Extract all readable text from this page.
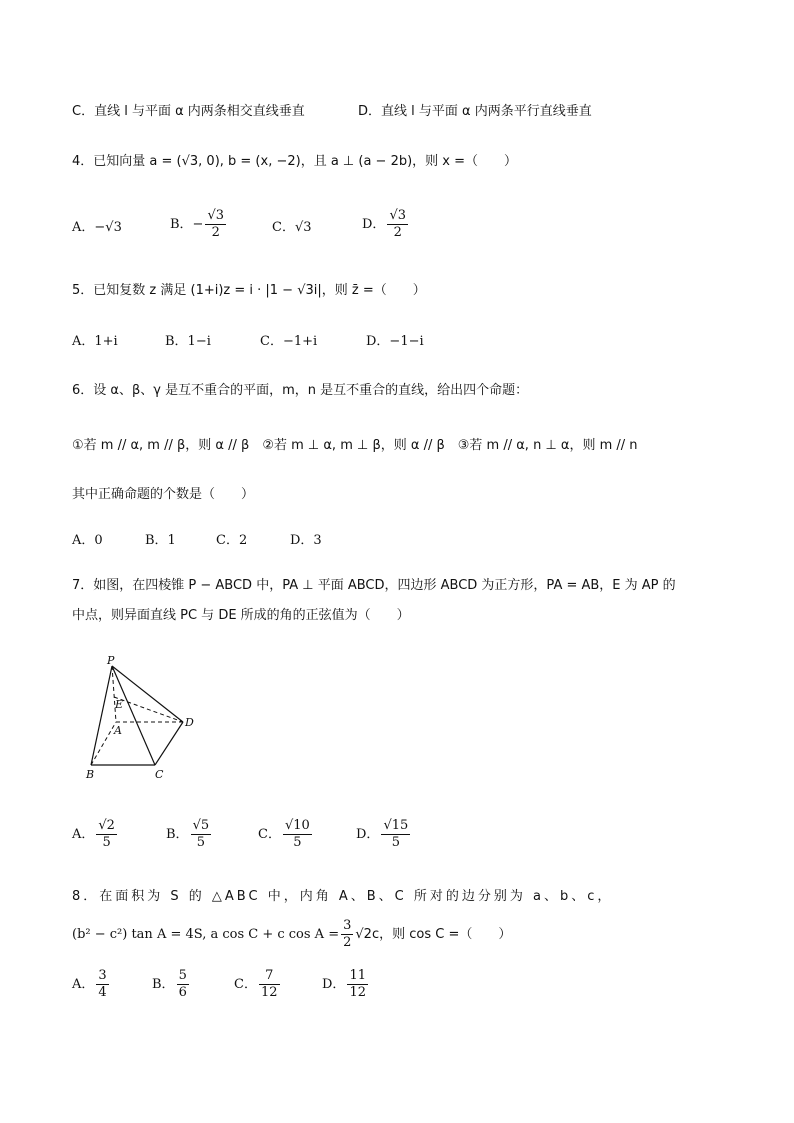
C．直线 l 与平面 α 内两条相交直线垂直	D．直线 l 与平面 α 内两条平行直线垂直
4．已知向量 a = (√3, 0), b = (x, −2)，且 a ⊥ (a − 2b)，则 x =（　　）
A．−√3	B．− $\frac{√3}{2}$	C．√3	D． $\frac{√3}{2}$
5．已知复数 z 满足 (1+i)z = i · |1 − √3i|，则 z̄ =（　　）
A．1+i	B．1−i	C．−1+i	D．−1−i
6．设 α、β、γ 是互不重合的平面，m，n 是互不重合的直线，给出四个命题：
①若 m // α, m // β，则 α // β　②若 m ⊥ α, m ⊥ β，则 α // β　③若 m // α, n ⊥ α，则 m // n
其中正确命题的个数是（　　）
A．0	B．1	C．2	D．3
7．如图，在四棱锥 P − ABCD 中，PA ⊥ 平面 ABCD，四边形 ABCD 为正方形，PA = AB，E 为 AP 的
中点，则异面直线 PC 与 DE 所成的角的正弦值为（　　）
P
E
A
D
B	C
A． $\frac{√2}{5}$	B． $\frac{√5}{5}$	C． $\frac{√10}{5}$	D． $\frac{√15}{5}$
8．在面积为 S 的 △ABC 中，内角 A、B、C 所对的边分别为 a、b、c，
(b² − c²) tan A = 4S, a cos C + c $\cos A = \frac{3}{2} √2c$，则 cos C =（　　）
A． $\frac{3}{4}$	B． $\frac{5}{6}$	C． $\frac{7}{12}$	D． $\frac{11}{12}$
